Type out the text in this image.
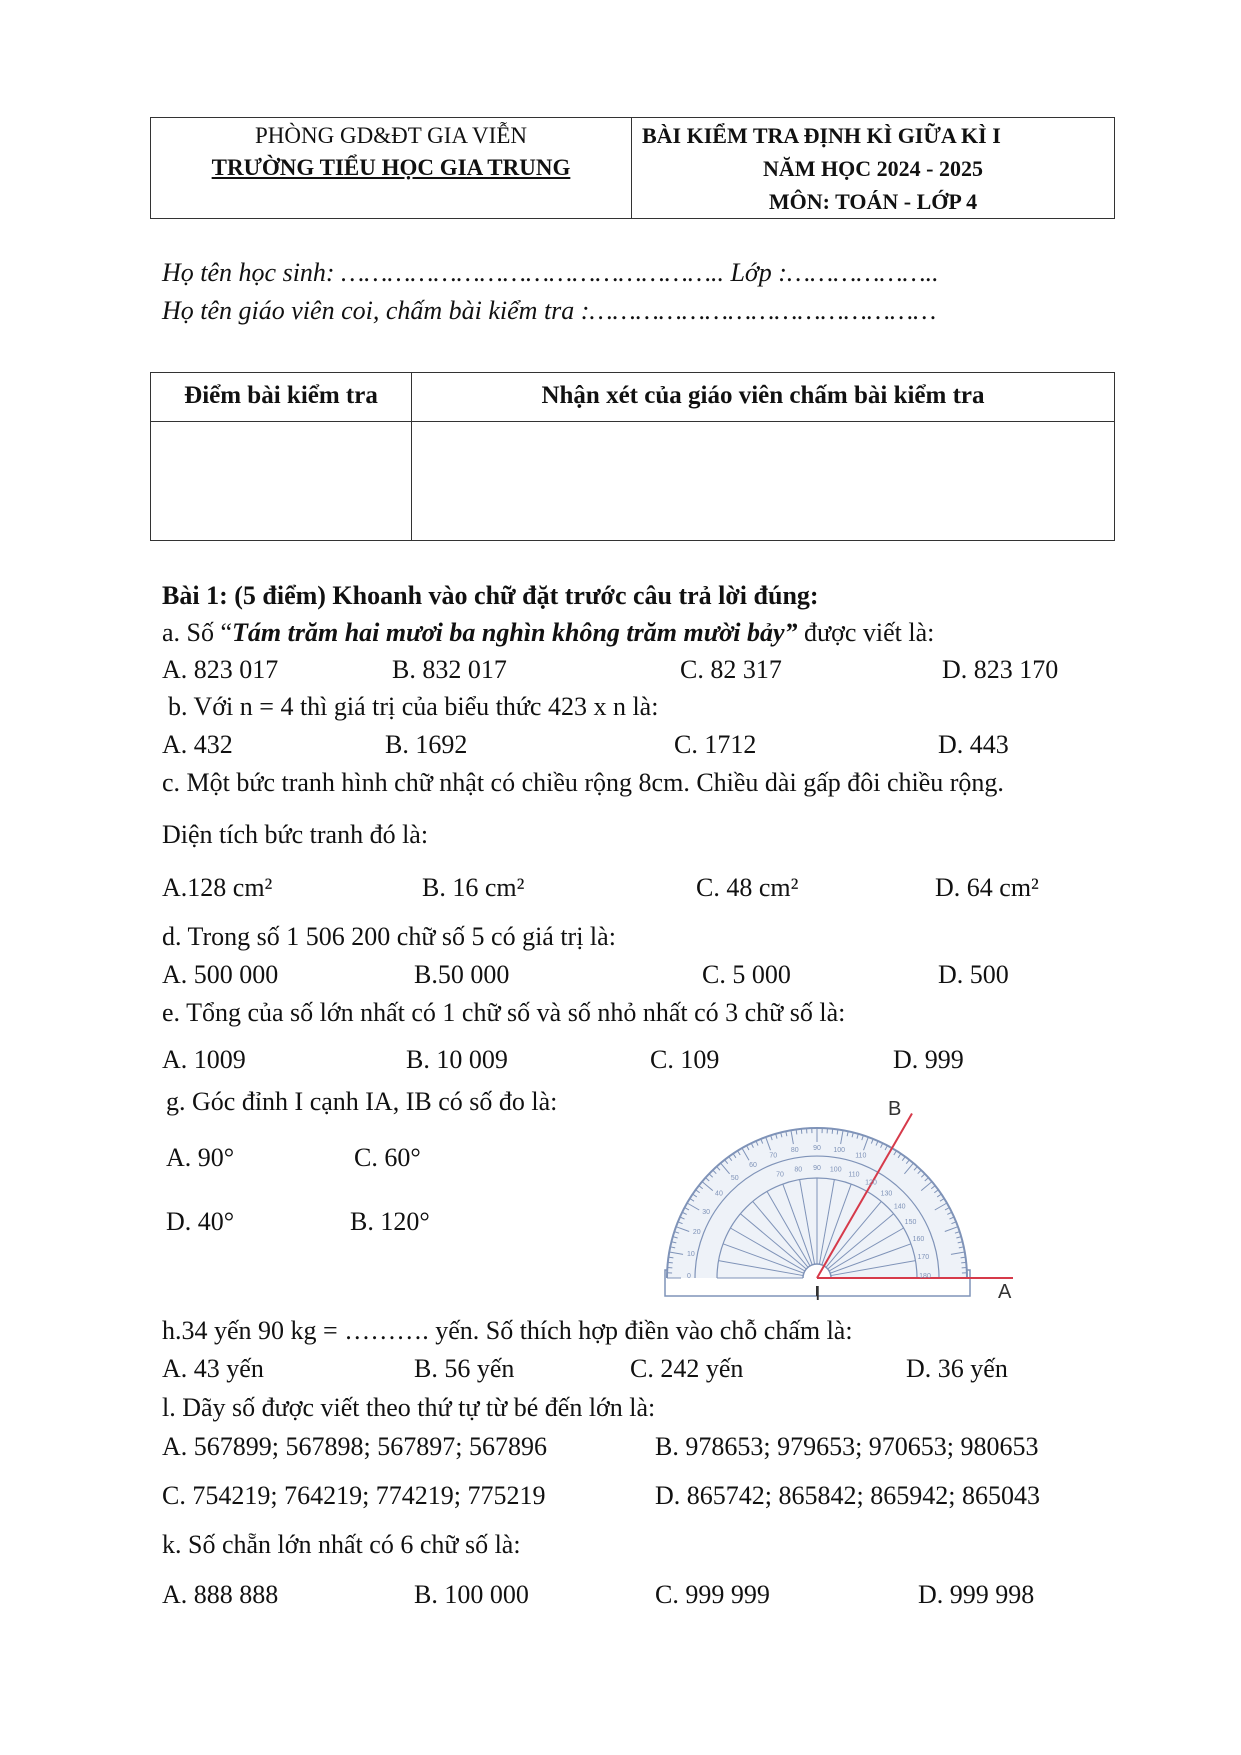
PHÒNG GD&ĐT GIA VIỄN
TRƯỜNG TIỂU HỌC GIA TRUNG
BÀI KIỂM TRA ĐỊNH KÌ GIỮA KÌ I
NĂM HỌC 2024 - 2025
MÔN: TOÁN - LỚP 4
Họ tên học sinh: ………………………………………….. Lớp :………………..
Họ tên giáo viên coi, chấm bài kiểm tra :………………………………………
Điểm bài kiểm tra	Nhận xét của giáo viên chấm bài kiểm tra
Bài 1: (5 điểm) Khoanh vào chữ đặt trước câu trả lời đúng:
a. Số “Tám trăm hai mươi ba nghìn không trăm mười bảy” được viết là:
A. 823 017	B. 832 017	C. 82 317	D. 823 170
b. Với n = 4 thì giá trị của biểu thức 423 x n là:
A. 432	B. 1692	C. 1712	D. 443
c. Một bức tranh hình chữ nhật có chiều rộng 8cm. Chiều dài gấp đôi chiều rộng.
Diện tích bức tranh đó là:
A.128 cm²	B. 16 cm²	C. 48 cm²	D. 64 cm²
d. Trong số 1 506 200 chữ số 5 có giá trị là:
A. 500 000	B.50 000	C. 5 000	D. 500
e. Tổng của số lớn nhất có 1 chữ số và số nhỏ nhất có 3 chữ số là:
A. 1009	B. 10 009	C. 109	D. 999
g. Góc đỉnh I cạnh IA, IB có số đo là:
A. 90°	C. 60°
D. 40°	B. 120°
70
80 90 100
110
60
50
40
30
20
10
0
120
130
140
150
160
170
180
110
100
90
80
70
B
I	A
h.34 yến 90 kg = ………. yến. Số thích hợp điền vào chỗ chấm là:
A. 43 yến	B. 56 yến	C. 242 yến	D. 36 yến
l. Dãy số được viết theo thứ tự từ bé đến lớn là:
A. 567899; 567898; 567897; 567896	B. 978653; 979653; 970653; 980653
C. 754219; 764219; 774219; 775219	D. 865742; 865842; 865942; 865043
k. Số chẵn lớn nhất có 6 chữ số là:
A. 888 888	B. 100 000	C. 999 999	D. 999 998
